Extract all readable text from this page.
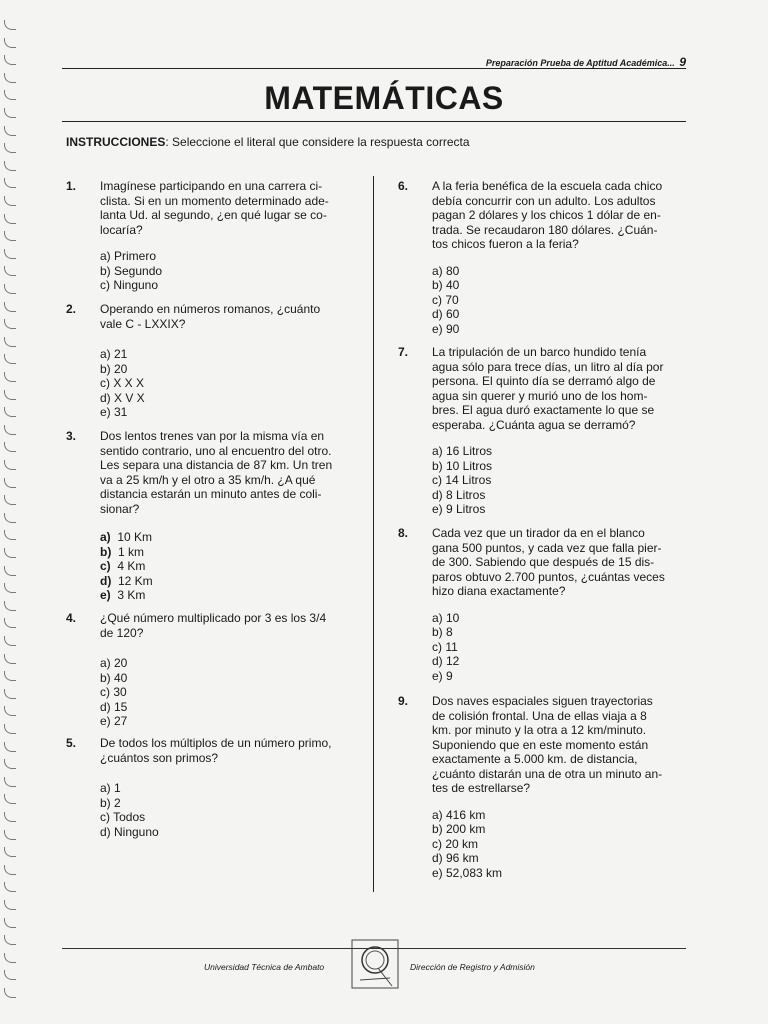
Preparación Prueba de Aptitud Académica... 9
MATEMÁTICAS
INSTRUCCIONES: Seleccione el literal que considere la respuesta correcta
1. Imagínese participando en una carrera ci-
clista. Si en un momento determinado ade-
lanta Ud. al segundo, ¿en qué lugar se co-
locaría?
a) Primero
b) Segundo
c) Ninguno
2. Operando en números romanos, ¿cuánto
vale C - LXXIX?
a) 21
b) 20
c) X X X
d) X V X
e) 31
3. Dos lentos trenes van por la misma vía en
sentido contrario, uno al encuentro del otro.
Les separa una distancia de 87 km. Un tren
va a 25 km/h y el otro a 35 km/h. ¿A qué
distancia estarán un minuto antes de coli-
sionar?
a)  10 Km
b)  1 km
c)  4 Km
d)  12 Km
e)  3 Km
4. ¿Qué número multiplicado por 3 es los 3/4
de 120?
a) 20
b) 40
c) 30
d) 15
e) 27
5. De todos los múltiplos de un número primo,
¿cuántos son primos?
a) 1
b) 2
c) Todos
d) Ninguno
6. A la feria benéfica de la escuela cada chico
debía concurrir con un adulto. Los adultos
pagan 2 dólares y los chicos 1 dólar de en-
trada. Se recaudaron 180 dólares. ¿Cuán-
tos chicos fueron a la feria?
a) 80
b) 40
c) 70
d) 60
e) 90
7. La tripulación de un barco hundido tenía
agua sólo para trece días, un litro al día por
persona. El quinto día se derramó algo de
agua sin querer y murió uno de los hom-
bres. El agua duró exactamente lo que se
esperaba. ¿Cuánta agua se derramó?
a) 16 Litros
b) 10 Litros
c) 14 Litros
d) 8 Litros
e) 9 Litros
8. Cada vez que un tirador da en el blanco
gana 500 puntos, y cada vez que falla pier-
de 300. Sabiendo que después de 15 dis-
paros obtuvo 2.700 puntos, ¿cuántas veces
hizo diana exactamente?
a) 10
b) 8
c) 11
d) 12
e) 9
9. Dos naves espaciales siguen trayectorias
de colisión frontal. Una de ellas viaja a 8
km. por minuto y la otra a 12 km/minuto.
Suponiendo que en este momento están
exactamente a 5.000 km. de distancia,
¿cuánto distarán una de otra un minuto an-
tes de estrellarse?
a) 416 km
b) 200 km
c) 20 km
d) 96 km
e) 52,083 km
Universidad Técnica de Ambato	Dirección de Registro y Admisión
